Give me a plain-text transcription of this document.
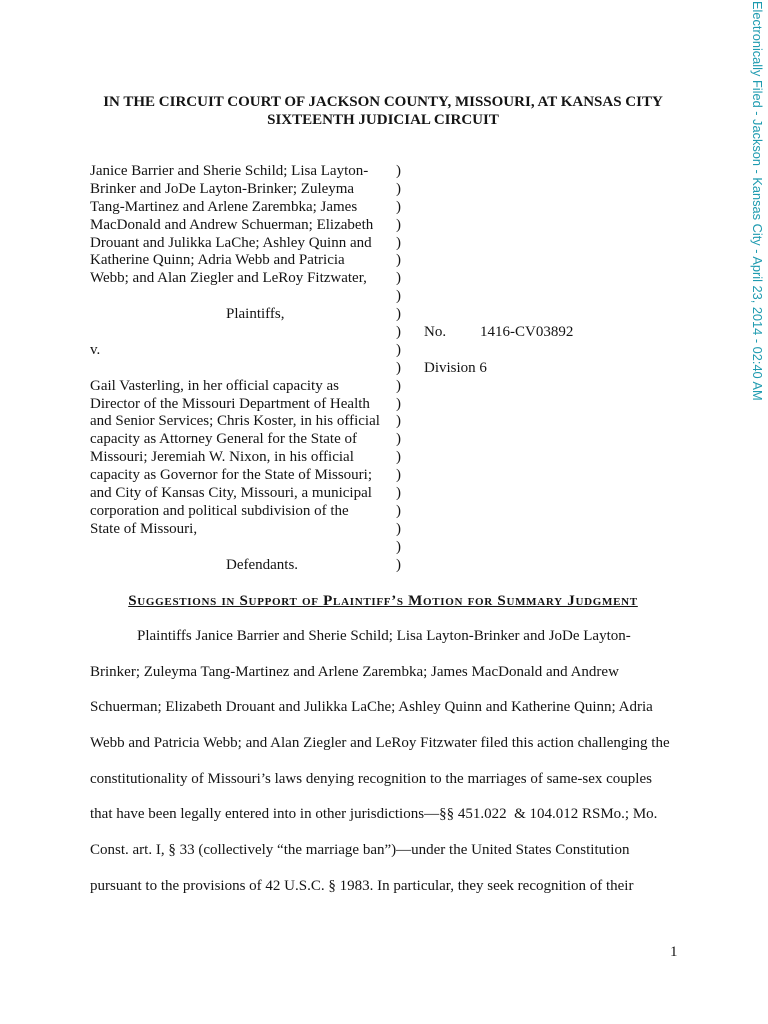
Electronically Filed - Jackson - Kansas City - April 23, 2014 - 02:40 AM
IN THE CIRCUIT COURT OF JACKSON COUNTY, MISSOURI, AT KANSAS CITY
SIXTEENTH JUDICIAL CIRCUIT
Janice Barrier and Sherie Schild; Lisa Layton-
Brinker and JoDe Layton-Brinker; Zuleyma
Tang-Martinez and Arlene Zarembka; James
MacDonald and Andrew Schuerman; Elizabeth
Drouant and Julikka LaChe; Ashley Quinn and
Katherine Quinn; Adria Webb and Patricia
Webb; and Alan Ziegler and LeRoy Fitzwater,
Plaintiffs,
v.
Gail Vasterling, in her official capacity as
Director of the Missouri Department of Health
and Senior Services; Chris Koster, in his official
capacity as Attorney General for the State of
Missouri; Jeremiah W. Nixon, in his official
capacity as Governor for the State of Missouri;
and City of Kansas City, Missouri, a municipal
corporation and political subdivision of the
State of Missouri,
Defendants.
)
)
)
)
)
)
)
)
)
)
)
)
)
)
)
)
)
)
)
)
)
)
)
No. 1416-CV03892
Division 6
Suggestions in Support of Plaintiff’s Motion for Summary Judgment
Plaintiffs Janice Barrier and Sherie Schild; Lisa Layton-Brinker and JoDe Layton-
Brinker; Zuleyma Tang-Martinez and Arlene Zarembka; James MacDonald and Andrew
Schuerman; Elizabeth Drouant and Julikka LaChe; Ashley Quinn and Katherine Quinn; Adria
Webb and Patricia Webb; and Alan Ziegler and LeRoy Fitzwater filed this action challenging the
constitutionality of Missouri’s laws denying recognition to the marriages of same-sex couples
that have been legally entered into in other jurisdictions—§§ 451.022  & 104.012 RSMo.; Mo.
Const. art. I, § 33 (collectively “the marriage ban”)—under the United States Constitution
pursuant to the provisions of 42 U.S.C. § 1983. In particular, they seek recognition of their
1
